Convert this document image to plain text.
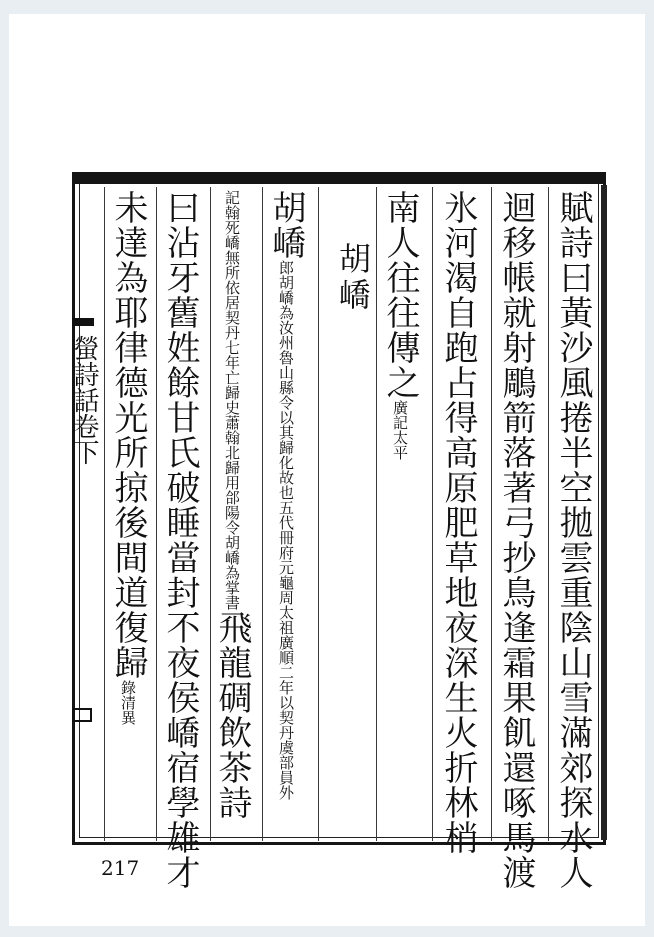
賦詩曰黃沙風捲半空拋雲重陰山雪滿郊探水人
迴移帳就射鵰箭落著弓抄鳥逢霜果飢還啄馬渡
氷河渴自跑占得高原肥草地夜深生火折林梢
南人往往傳之
太平
廣記
胡嶠
胡嶠
冊府元龜周太祖廣順二年以契丹虞部員外
郎胡嶠為汝州魯山縣令以其歸化故也五代
史蕭翰北歸用郃陽令胡嶠為掌書
記翰死嶠無所依居契丹七年亡歸
飛龍碉飲茶詩
曰沾牙舊姓餘甘氏破睡當封不夜侯嶠宿學雄才
未達為耶律德光所掠後間道復歸
清異
錄
螢詩話卷下
217
